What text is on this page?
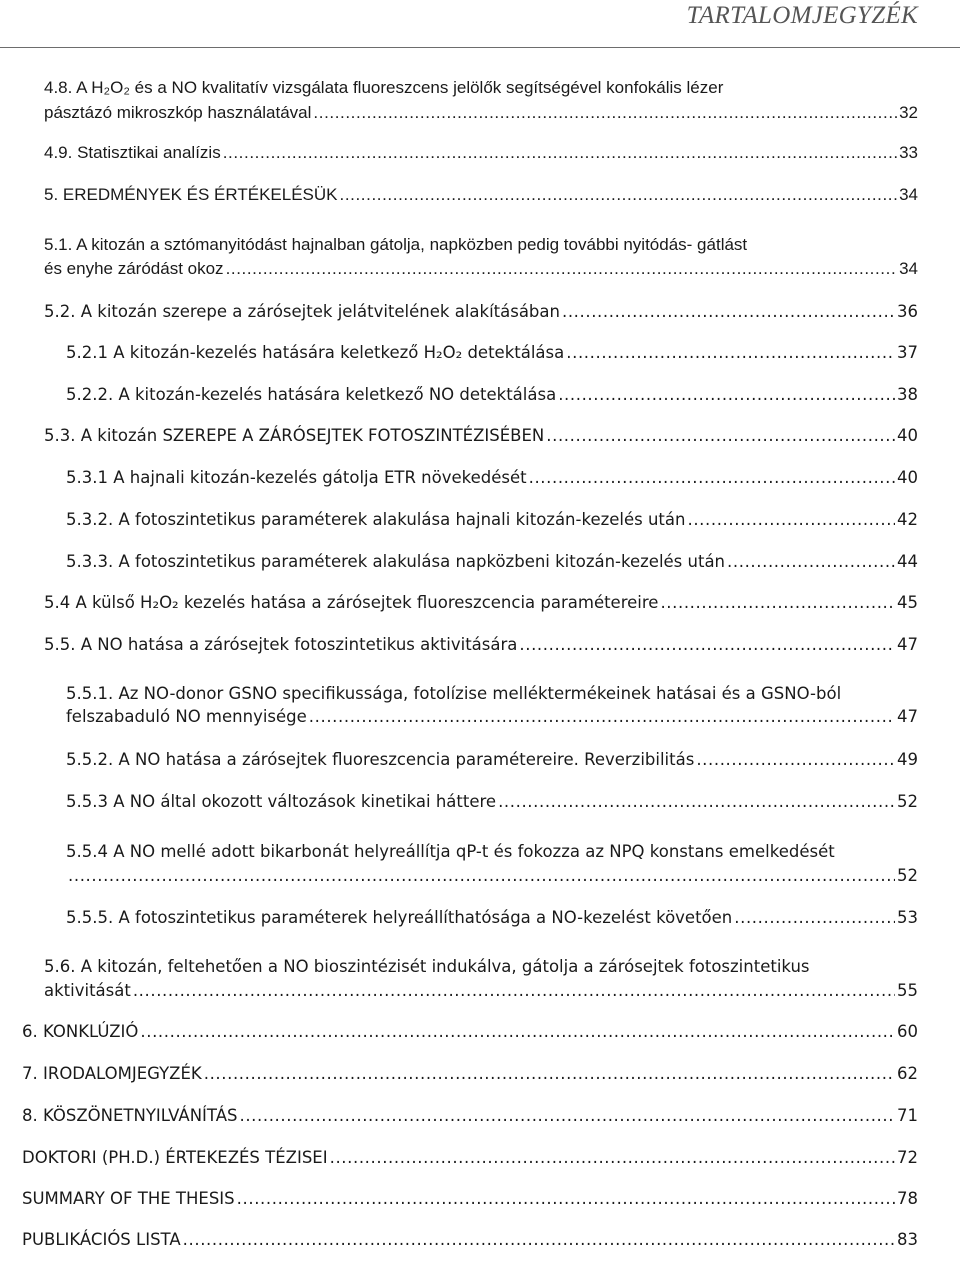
TARTALOMJEGYZÉK
4.8. A H₂O₂ és a NO kvalitatív vizsgálata fluoreszcens jelölők segítségével konfokális lézer
pásztázó mikroszkóp használatával .....	32
4.9. Statisztikai analízis .....	33
5. EREDMÉNYEK ÉS ÉRTÉKELÉSÜK .....	34
5.1. A kitozán a sztómanyitódást hajnalban gátolja, napközben pedig további nyitódás- gátlást
és enyhe záródást okoz .....	34
5.2. A kitozán szerepe a zárósejtek jelátvitelének alakításában .....	36
5.2.1 A kitozán-kezelés hatására keletkező H₂O₂ detektálása .....	37
5.2.2. A kitozán-kezelés hatására keletkező NO detektálása .....	38
5.3. A kitozán SZEREPE A ZÁRÓSEJTEK FOTOSZINTÉZISÉBEN .....	40
5.3.1 A hajnali kitozán-kezelés gátolja ETR növekedését .....	40
5.3.2. A fotoszintetikus paraméterek alakulása hajnali kitozán-kezelés után .....	42
5.3.3. A fotoszintetikus paraméterek alakulása napközbeni kitozán-kezelés után .....	44
5.4 A külső H₂O₂ kezelés hatása a zárósejtek fluoreszcencia paramétereire .....	45
5.5. A NO hatása a zárósejtek fotoszintetikus aktivitására .....	47
5.5.1. Az NO-donor GSNO specifikussága, fotolízise melléktermékeinek hatásai és a GSNO-ból
felszabaduló NO mennyisége .....	47
5.5.2. A NO hatása a zárósejtek fluoreszcencia paramétereire. Reverzibilitás .....	49
5.5.3 A NO által okozott változások kinetikai háttere .....	52
5.5.4 A NO mellé adott bikarbonát helyreállítja qP-t és fokozza az NPQ konstans emelkedését
.....
52
5.5.5. A fotoszintetikus paraméterek helyreállíthatósága a NO-kezelést követően .....	53
5.6. A kitozán, feltehetően a NO bioszintézisét indukálva, gátolja a zárósejtek fotoszintetikus
aktivitását .....	55
6. KONKLÚZIÓ .....	60
7. IRODALOMJEGYZÉK .....	62
8. KÖSZÖNETNYILVÁNÍTÁS .....	71
DOKTORI (PH.D.) ÉRTEKEZÉS TÉZISEI .....	72
SUMMARY OF THE THESIS .....	78
PUBLIKÁCIÓS LISTA .....	83
